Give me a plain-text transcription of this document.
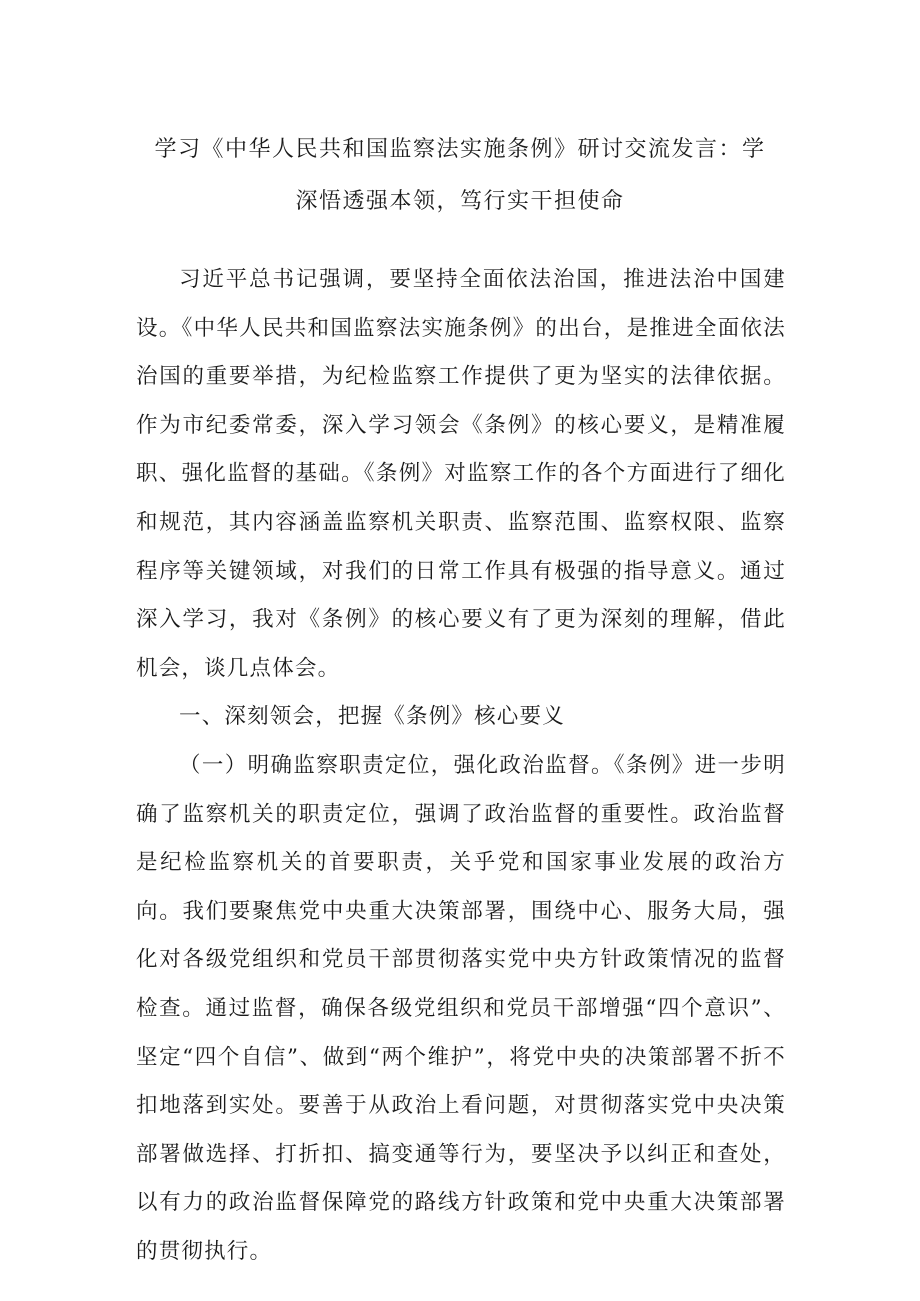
学习《中华人民共和国监察法实施条例》研讨交流发言：学
深悟透强本领，笃行实干担使命

习近平总书记强调，要坚持全面依法治国，推进法治中国建设。《中华人民共和国监察法实施条例》的出台，是推进全面依法治国的重要举措，为纪检监察工作提供了更为坚实的法律依据。作为市纪委常委，深入学习领会《条例》的核心要义，是精准履职、强化监督的基础。《条例》对监察工作的各个方面进行了细化和规范，其内容涵盖监察机关职责、监察范围、监察权限、监察程序等关键领域，对我们的日常工作具有极强的指导意义。通过深入学习，我对《条例》的核心要义有了更为深刻的理解，借此机会，谈几点体会。

一、深刻领会，把握《条例》核心要义

（一）明确监察职责定位，强化政治监督。《条例》进一步明确了监察机关的职责定位，强调了政治监督的重要性。政治监督是纪检监察机关的首要职责，关乎党和国家事业发展的政治方向。我们要聚焦党中央重大决策部署，围绕中心、服务大局，强化对各级党组织和党员干部贯彻落实党中央方针政策情况的监督检查。通过监督，确保各级党组织和党员干部增强“四个意识”、坚定“四个自信”、做到“两个维护”，将党中央的决策部署不折不扣地落到实处。要善于从政治上看问题，对贯彻落实党中央决策部署做选择、打折扣、搞变通等行为，要坚决予以纠正和查处，以有力的政治监督保障党的路线方针政策和党中央重大决策部署的贯彻执行。
